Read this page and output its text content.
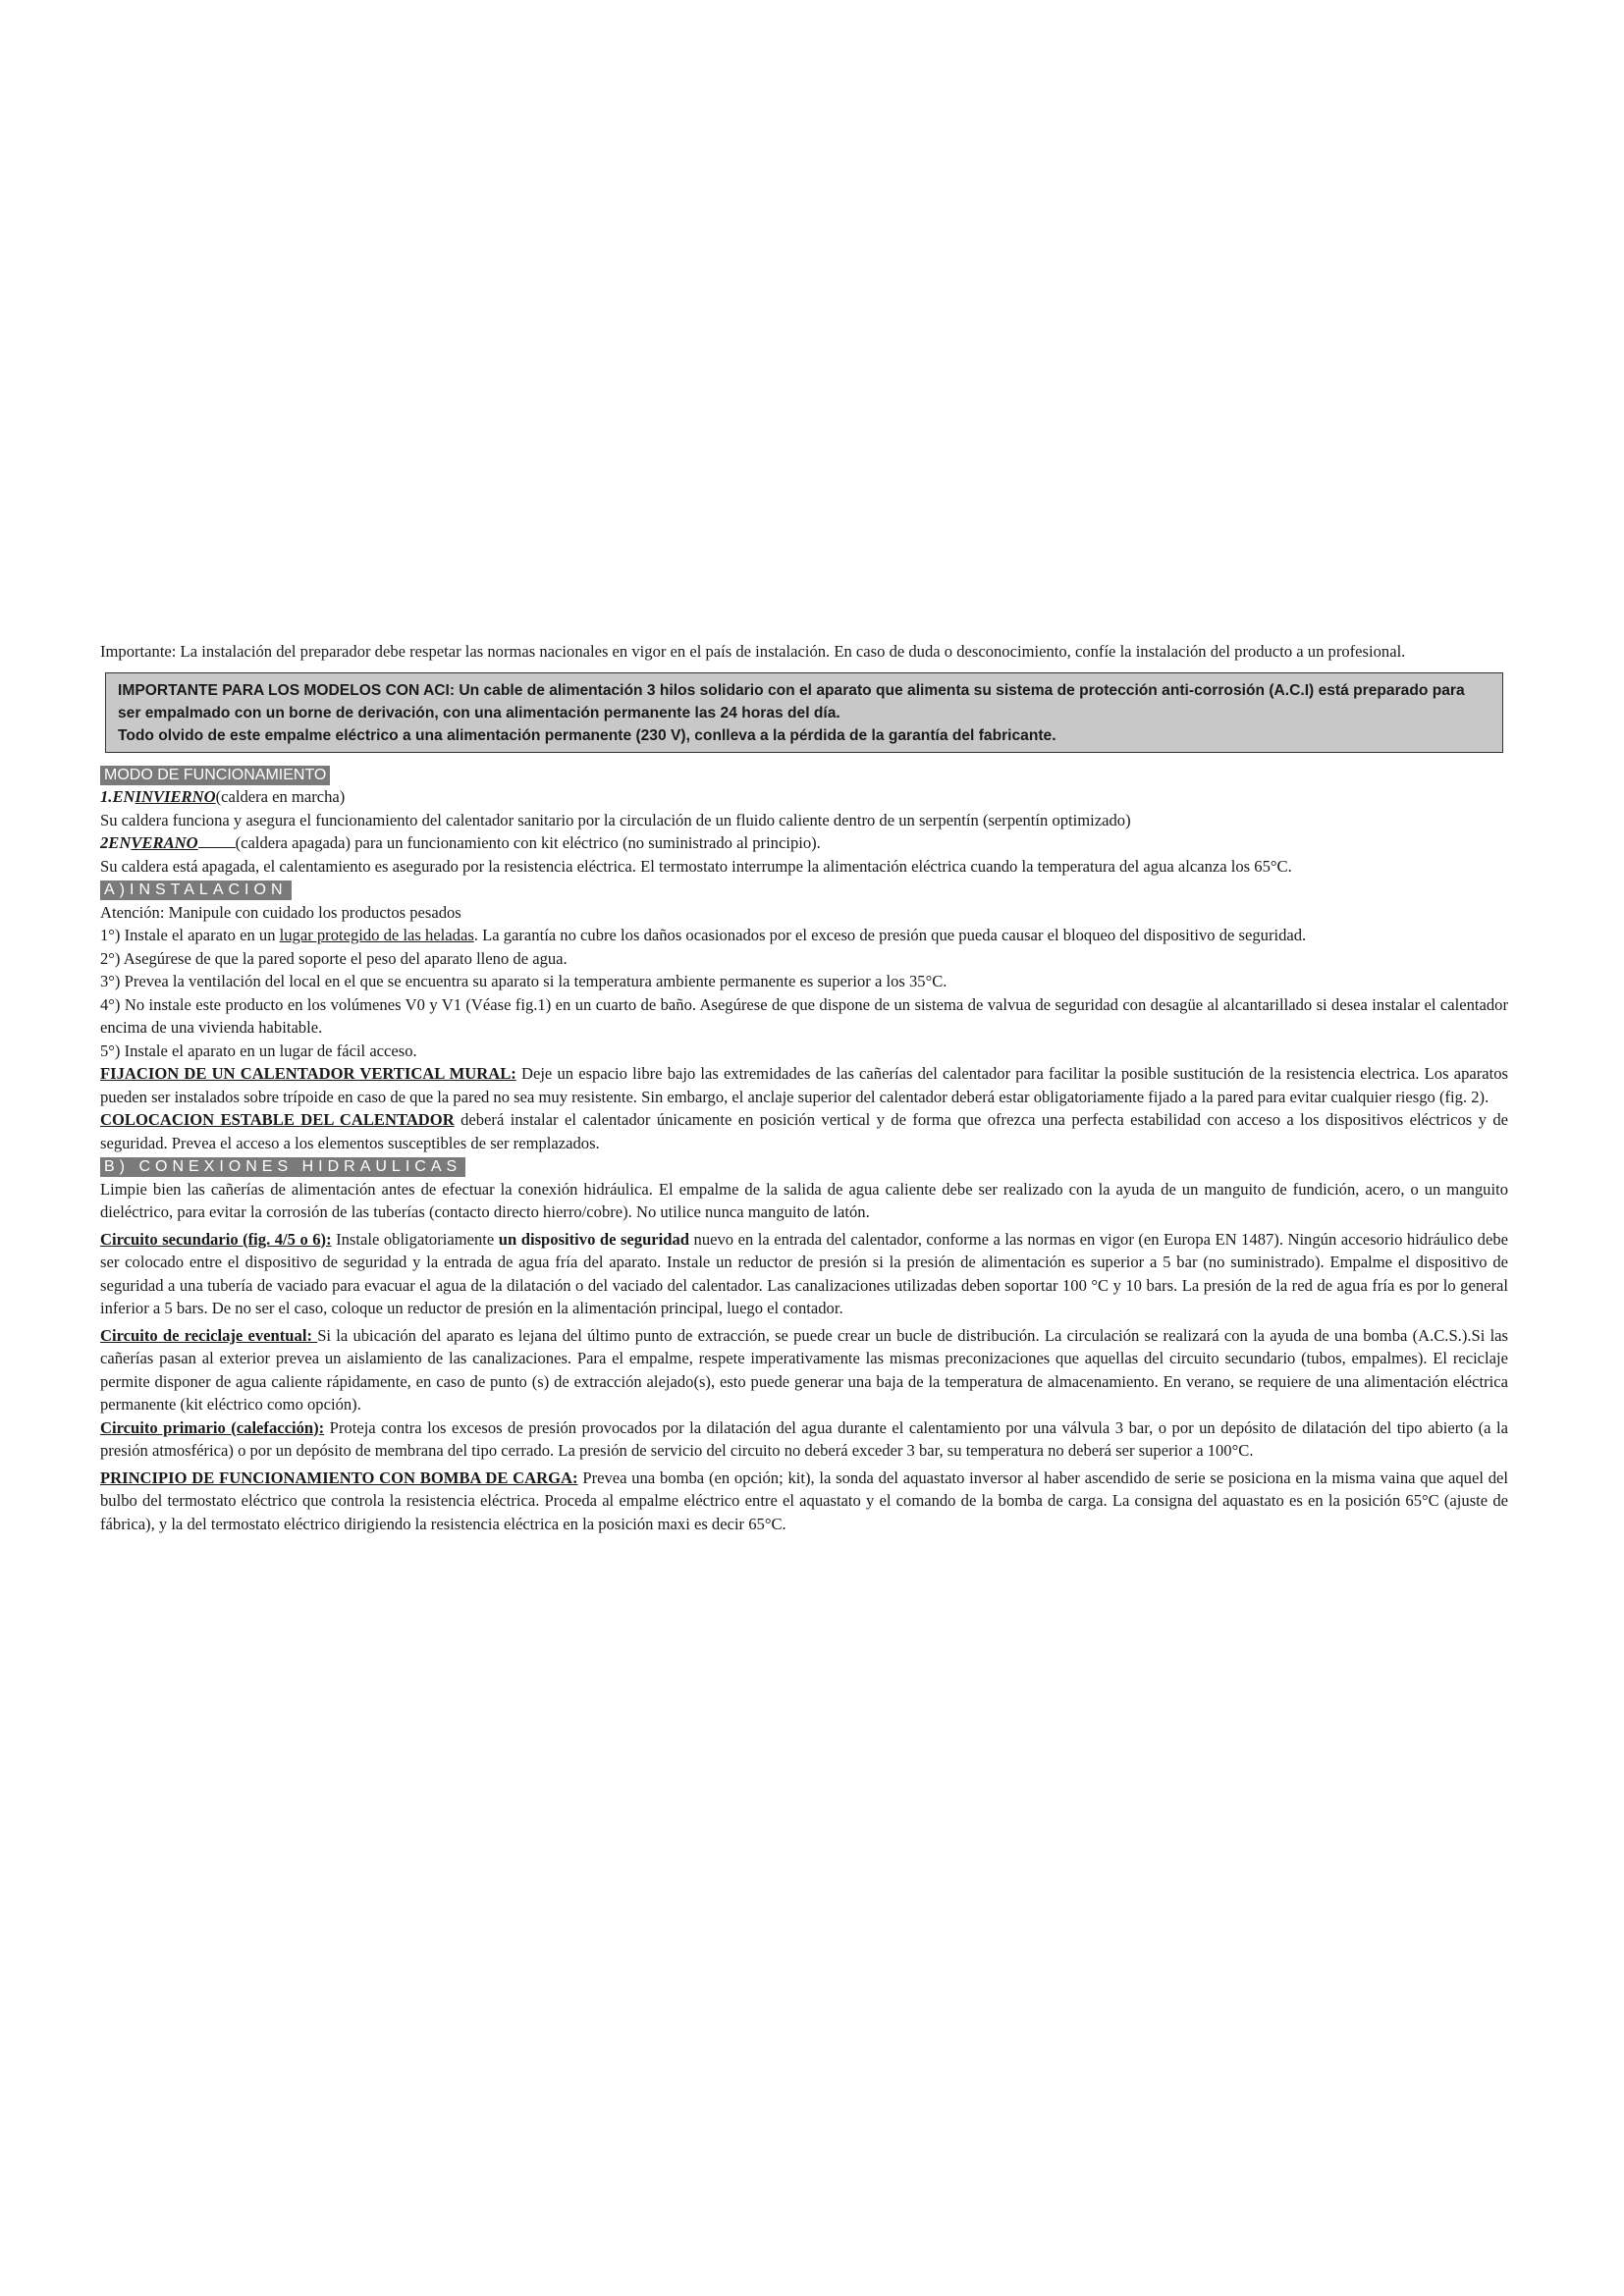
Importante: La instalación del preparador debe respetar las normas nacionales en vigor en el país de instalación. En caso de duda o desconocimiento, confíe la instalación del producto a un profesional.

IMPORTANTE PARA LOS MODELOS CON ACI: Un cable de alimentación 3 hilos solidario con el aparato que alimenta su sistema de protección anti-corrosión (A.C.I) está preparado para ser empalmado con un borne de derivación, con una alimentación permanente las 24 horas del día.
Todo olvido de este empalme eléctrico a una alimentación permanente (230 V), conlleva a la pérdida de la garantía del fabricante.
MODO DE FUNCIONAMIENTO

1.ENINVIERNO(caldera en marcha)

Su caldera funciona y asegura el funcionamiento del calentador sanitario por la circulación de un fluido caliente dentro de un serpentín (serpentín optimizado)

2ENVERANO (caldera apagada) para un funcionamiento con kit eléctrico (no suministrado al principio).

Su caldera está apagada, el calentamiento es asegurado por la resistencia eléctrica. El termostato interrumpe la alimentación eléctrica cuando la temperatura del agua alcanza los 65°C.

A)INSTALACION

Atención: Manipule con cuidado los productos pesados

1°) Instale el aparato en un lugar protegido de las heladas. La garantía no cubre los daños ocasionados por el exceso de presión que pueda causar el bloqueo del dispositivo de seguridad.

2°) Asegúrese de que la pared soporte el peso del aparato lleno de agua.

3°) Prevea la ventilación del local en el que se encuentra su aparato si la temperatura ambiente permanente es superior a los 35°C.

4°) No instale este producto en los volúmenes V0 y V1 (Véase fig.1) en un cuarto de baño. Asegúrese de que dispone de un sistema de valvua de seguridad con desagüe al alcantarillado si desea instalar el calentador encima de una vivienda habitable.

5°) Instale el aparato en un lugar de fácil acceso.

FIJACION DE UN CALENTADOR VERTICAL MURAL: Deje un espacio libre bajo las extremidades de las cañerías del calentador para facilitar la posible sustitución de la resistencia electrica. Los aparatos pueden ser instalados sobre trípoide en caso de que la pared no sea muy resistente. Sin embargo, el anclaje superior del calentador deberá estar obligatoriamente fijado a la pared para evitar cualquier riesgo (fig. 2).

COLOCACION ESTABLE DEL CALENTADOR deberá instalar el calentador únicamente en posición vertical y de forma que ofrezca una perfecta estabilidad con acceso a los dispositivos eléctricos y de seguridad. Prevea el acceso a los elementos susceptibles de ser remplazados.

B) CONEXIONES HIDRAULICAS

Limpie bien las cañerías de alimentación antes de efectuar la conexión hidráulica. El empalme de la salida de agua caliente debe ser realizado con la ayuda de un manguito de fundición, acero, o un manguito dieléctrico, para evitar la corrosión de las tuberías (contacto directo hierro/cobre). No utilice nunca manguito de latón.

Circuito secundario (fig. 4/5 o 6): Instale obligatoriamente un dispositivo de seguridad nuevo en la entrada del calentador, conforme a las normas en vigor (en Europa EN 1487). Ningún accesorio hidráulico debe ser colocado entre el dispositivo de seguridad y la entrada de agua fría del aparato. Instale un reductor de presión si la presión de alimentación es superior a 5 bar (no suministrado). Empalme el dispositivo de seguridad a una tubería de vaciado para evacuar el agua de la dilatación o del vaciado del calentador. Las canalizaciones utilizadas deben soportar 100 °C y 10 bars. La presión de la red de agua fría es por lo general inferior a 5 bars. De no ser el caso, coloque un reductor de presión en la alimentación principal, luego el contador.

Circuito de reciclaje eventual: Si la ubicación del aparato es lejana del último punto de extracción, se puede crear un bucle de distribución. La circulación se realizará con la ayuda de una bomba (A.C.S.).Si las cañerías pasan al exterior prevea un aislamiento de las canalizaciones. Para el empalme, respete imperativamente las mismas preconizaciones que aquellas del circuito secundario (tubos, empalmes). El reciclaje permite disponer de agua caliente rápidamente, en caso de punto (s) de extracción alejado(s), esto puede generar una baja de la temperatura de almacenamiento. En verano, se requiere de una alimentación eléctrica permanente (kit eléctrico como opción).

Circuito primario (calefacción): Proteja contra los excesos de presión provocados por la dilatación del agua durante el calentamiento por una válvula 3 bar, o por un depósito de dilatación del tipo abierto (a la presión atmosférica) o por un depósito de membrana del tipo cerrado. La presión de servicio del circuito no deberá exceder 3 bar, su temperatura no deberá ser superior a 100°C.

PRINCIPIO DE FUNCIONAMIENTO CON BOMBA DE CARGA: Prevea una bomba (en opción; kit), la sonda del aquastato inversor al haber ascendido de serie se posiciona en la misma vaina que aquel del bulbo del termostato eléctrico que controla la resistencia eléctrica. Proceda al empalme eléctrico entre el aquastato y el comando de la bomba de carga. La consigna del aquastato es en la posición 65°C (ajuste de fábrica), y la del termostato eléctrico dirigiendo la resistencia eléctrica en la posición maxi es decir 65°C.
